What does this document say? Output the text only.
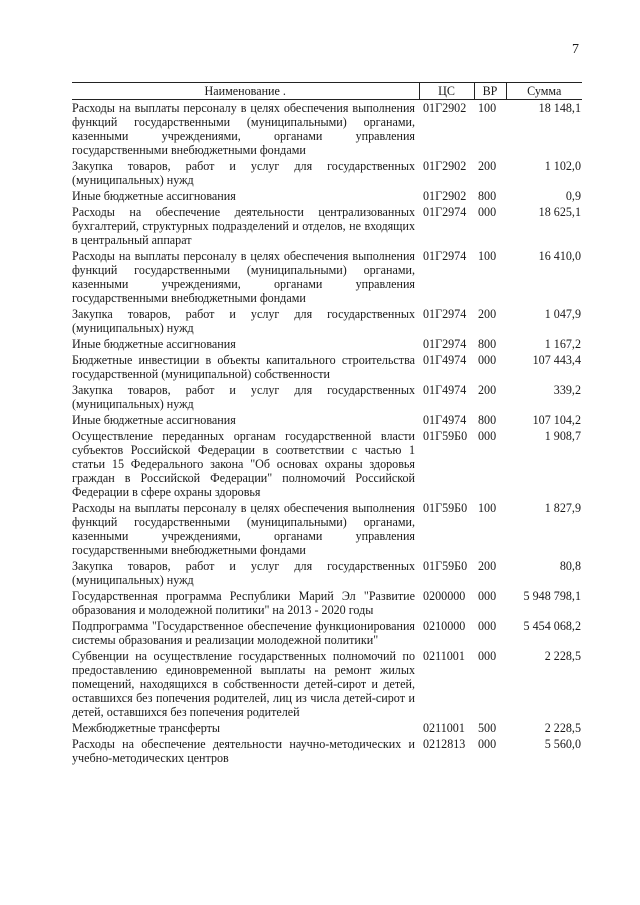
7
Наименование .	ЦС	ВР	Сумма
Расходы на выплаты персоналу в целях обеспечения выполнения функций государственными (муниципальными) органами, казенными учреждениями, органами управления государственными внебюджетными фондами	01Г2902	100	18 148,1
Закупка товаров, работ и услуг для государственных (муниципальных) нужд	01Г2902	200	1 102,0
Иные бюджетные ассигнования	01Г2902	800	0,9
Расходы на обеспечение деятельности централизованных бухгалтерий, структурных подразделений и отделов, не входящих в центральный аппарат	01Г2974	000	18 625,1
Расходы на выплаты персоналу в целях обеспечения выполнения функций государственными (муниципальными) органами, казенными учреждениями, органами управления государственными внебюджетными фондами	01Г2974	100	16 410,0
Закупка товаров, работ и услуг для государственных (муниципальных) нужд	01Г2974	200	1 047,9
Иные бюджетные ассигнования	01Г2974	800	1 167,2
Бюджетные инвестиции в объекты капитального строительства государственной (муниципальной) собственности	01Г4974	000	107 443,4
Закупка товаров, работ и услуг для государственных (муниципальных) нужд	01Г4974	200	339,2
Иные бюджетные ассигнования	01Г4974	800	107 104,2
Осуществление переданных органам государственной власти субъектов Российской Федерации в соответствии с частью 1 статьи 15 Федерального закона "Об основах охраны здоровья граждан в Российской Федерации" полномочий Российской Федерации в сфере охраны здоровья	01Г59Б0	000	1 908,7
Расходы на выплаты персоналу в целях обеспечения выполнения функций государственными (муниципальными) органами, казенными учреждениями, органами управления государственными внебюджетными фондами	01Г59Б0	100	1 827,9
Закупка товаров, работ и услуг для государственных (муниципальных) нужд	01Г59Б0	200	80,8
Государственная программа Республики Марий Эл "Развитие образования и молодежной политики" на 2013 - 2020 годы	0200000	000	5 948 798,1
Подпрограмма "Государственное обеспечение функционирования системы образования и реализации молодежной политики"	0210000	000	5 454 068,2
Субвенции на осуществление государственных полномочий по предоставлению единовременной выплаты на ремонт жилых помещений, находящихся в собственности детей-сирот и детей, оставшихся без попечения родителей, лиц из числа детей-сирот и детей, оставшихся без попечения родителей	0211001	000	2 228,5
Межбюджетные трансферты	0211001	500	2 228,5
Расходы на обеспечение деятельности научно-методических и учебно-методических центров	0212813	000	5 560,0
